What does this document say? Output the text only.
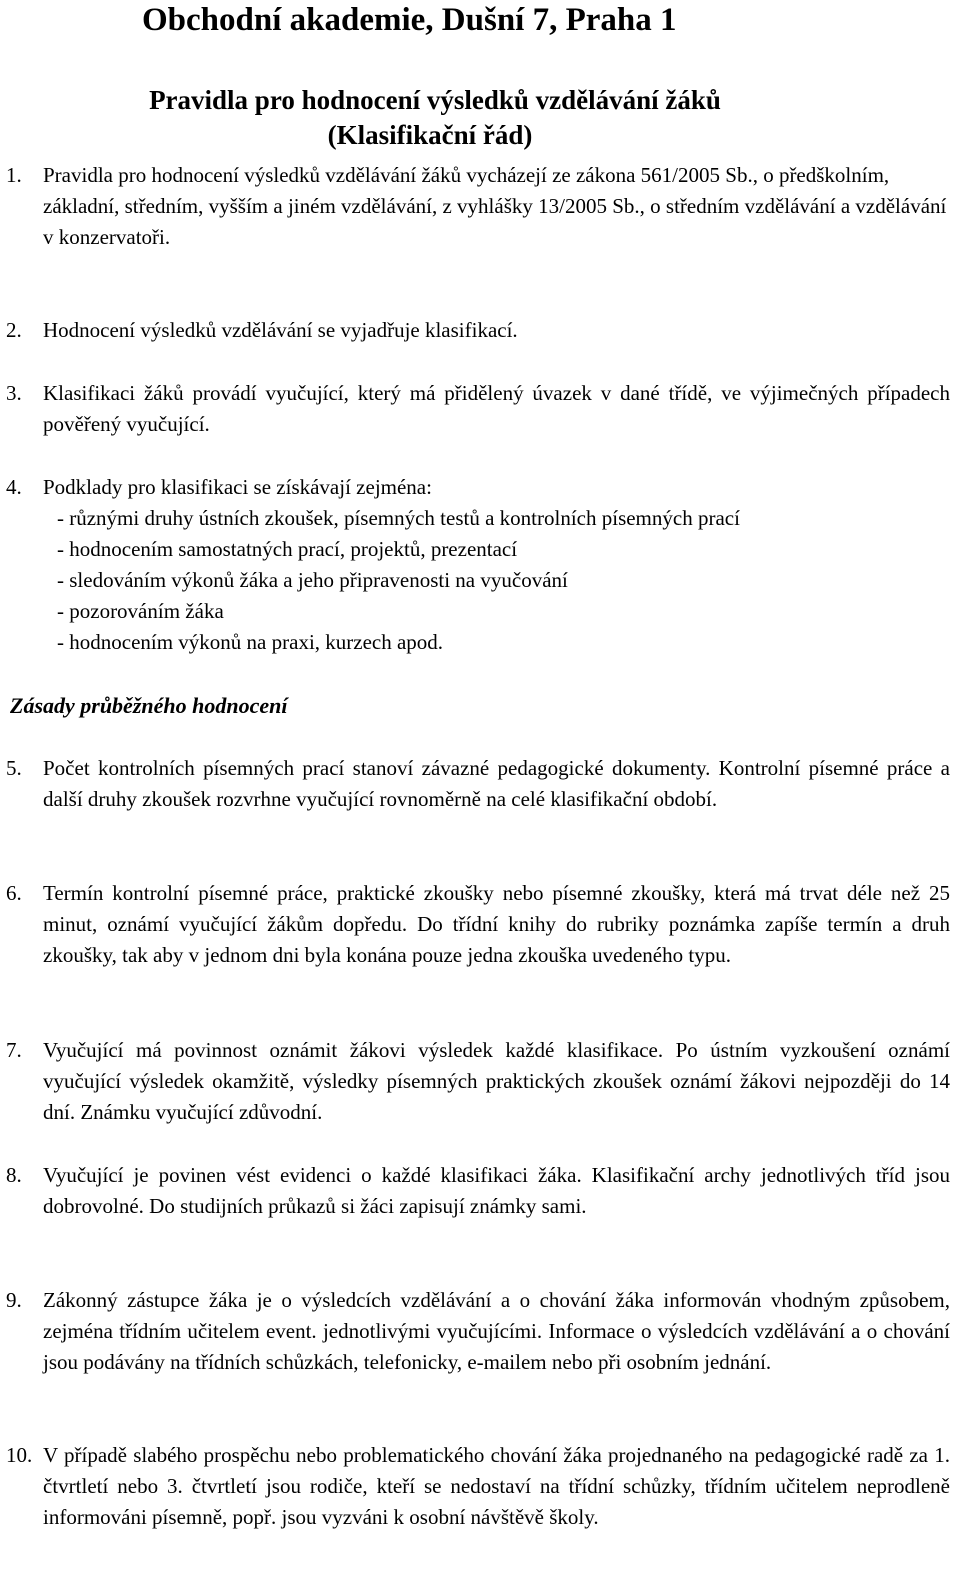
Obchodní akademie, Dušní 7, Praha 1
Pravidla pro hodnocení výsledků vzdělávání žáků
(Klasifikační řád)
1. Pravidla pro hodnocení výsledků vzdělávání žáků vycházejí ze zákona 561/2005 Sb., o předškolním, základní, středním, vyšším a jiném vzdělávání, z vyhlášky 13/2005 Sb., o středním vzdělávání a vzdělávání v konzervatoři.
2. Hodnocení výsledků vzdělávání se vyjadřuje klasifikací.
3. Klasifikaci žáků provádí vyučující, který má přidělený úvazek v dané třídě, ve výjimečných případech pověřený vyučující.
4. Podklady pro klasifikaci se získávají zejména:
- různými druhy ústních zkoušek, písemných testů a kontrolních písemných prací
- hodnocením samostatných prací, projektů, prezentací
- sledováním výkonů žáka a jeho připravenosti na vyučování
- pozorováním žáka
- hodnocením výkonů na praxi, kurzech apod.
Zásady průběžného hodnocení
5. Počet kontrolních písemných prací stanoví závazné pedagogické dokumenty. Kontrolní písemné práce a další druhy zkoušek rozvrhne vyučující rovnoměrně na celé klasifikační období.
6. Termín kontrolní písemné práce, praktické zkoušky nebo písemné zkoušky, která má trvat déle než 25 minut, oznámí vyučující žákům dopředu. Do třídní knihy do rubriky poznámka zapíše termín a druh zkoušky, tak aby v jednom dni byla konána pouze jedna zkouška uvedeného typu.
7. Vyučující má povinnost oznámit žákovi výsledek každé klasifikace. Po ústním vyzkoušení oznámí vyučující výsledek okamžitě, výsledky písemných praktických zkoušek oznámí žákovi nejpozději do 14 dní. Známku vyučující zdůvodní.
8. Vyučující je povinen vést evidenci o každé klasifikaci žáka. Klasifikační archy jednotlivých tříd jsou dobrovolné. Do studijních průkazů si žáci zapisují známky sami.
9. Zákonný zástupce žáka je o výsledcích vzdělávání a o chování žáka informován vhodným způsobem, zejména třídním učitelem event. jednotlivými vyučujícími. Informace o výsledcích vzdělávání a o chování jsou podávány na třídních schůzkách, telefonicky, e-mailem nebo při osobním jednání.
10. V případě slabého prospěchu nebo problematického chování žáka projednaného na pedagogické radě za 1. čtvrtletí nebo 3. čtvrtletí jsou rodiče, kteří se nedostaví na třídní schůzky, třídním učitelem neprodleně informováni písemně, popř. jsou vyzváni k osobní návštěvě školy.
